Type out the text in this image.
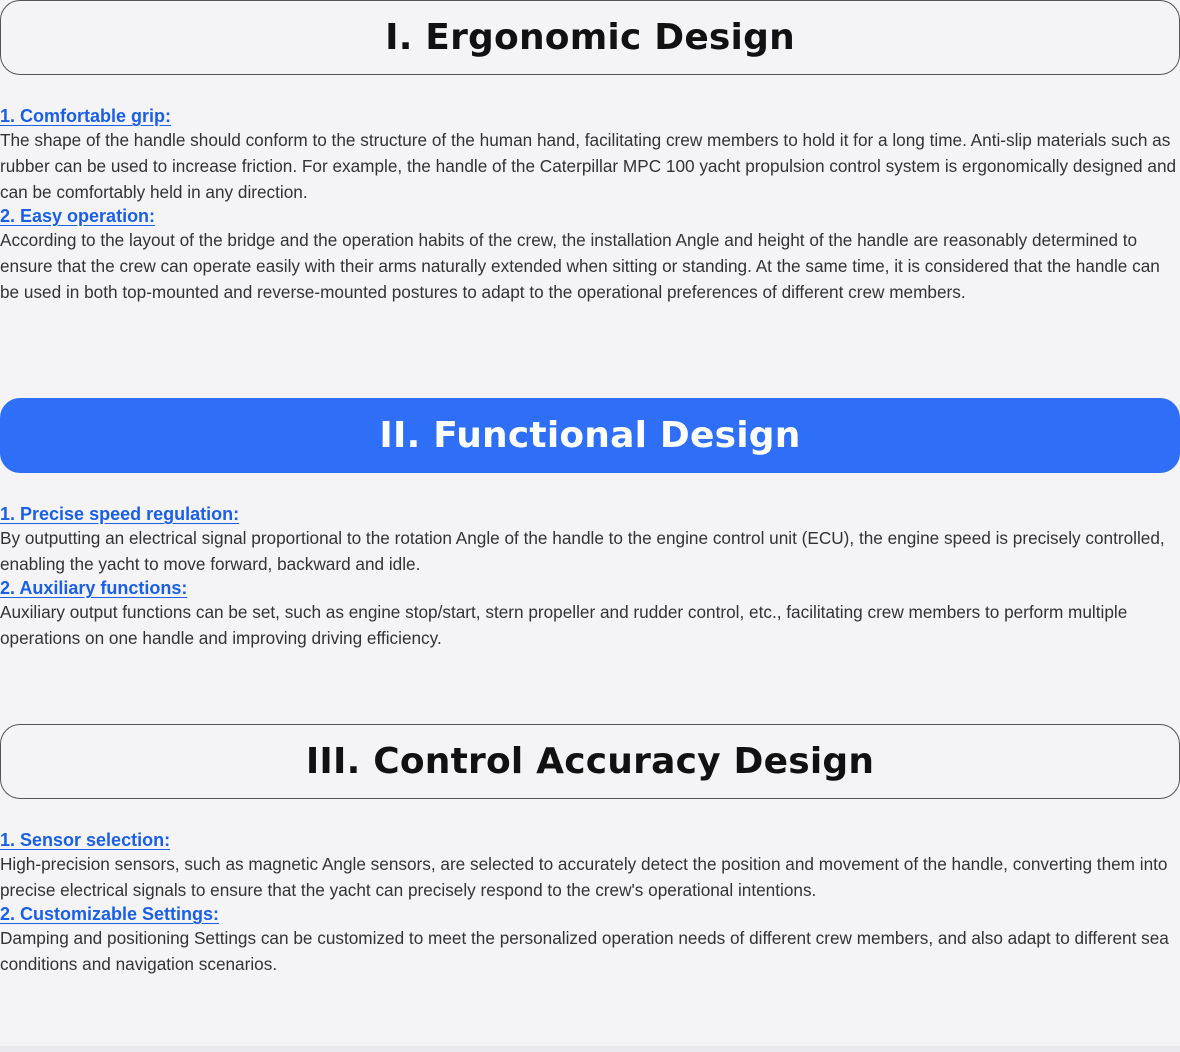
I. Ergonomic Design
1. Comfortable grip:

The shape of the handle should conform to the structure of the human hand, facilitating crew members to hold it for a long time. Anti-slip materials such as rubber can be used to increase friction. For example, the handle of the Caterpillar MPC 100 yacht propulsion control system is ergonomically designed and can be comfortably held in any direction.

2. Easy operation:

According to the layout of the bridge and the operation habits of the crew, the installation Angle and height of the handle are reasonably determined to ensure that the crew can operate easily with their arms naturally extended when sitting or standing. At the same time, it is considered that the handle can be used in both top-mounted and reverse-mounted postures to adapt to the operational preferences of different crew members.

II. Functional Design
1. Precise speed regulation:

By outputting an electrical signal proportional to the rotation Angle of the handle to the engine control unit (ECU), the engine speed is precisely controlled, enabling the yacht to move forward, backward and idle.

2. Auxiliary functions:

Auxiliary output functions can be set, such as engine stop/start, stern propeller and rudder control, etc., facilitating crew members to perform multiple operations on one handle and improving driving efficiency.

III. Control Accuracy Design
1. Sensor selection:

High-precision sensors, such as magnetic Angle sensors, are selected to accurately detect the position and movement of the handle, converting them into precise electrical signals to ensure that the yacht can precisely respond to the crew's operational intentions.

2. Customizable Settings:

Damping and positioning Settings can be customized to meet the personalized operation needs of different crew members, and also adapt to different sea conditions and navigation scenarios.
